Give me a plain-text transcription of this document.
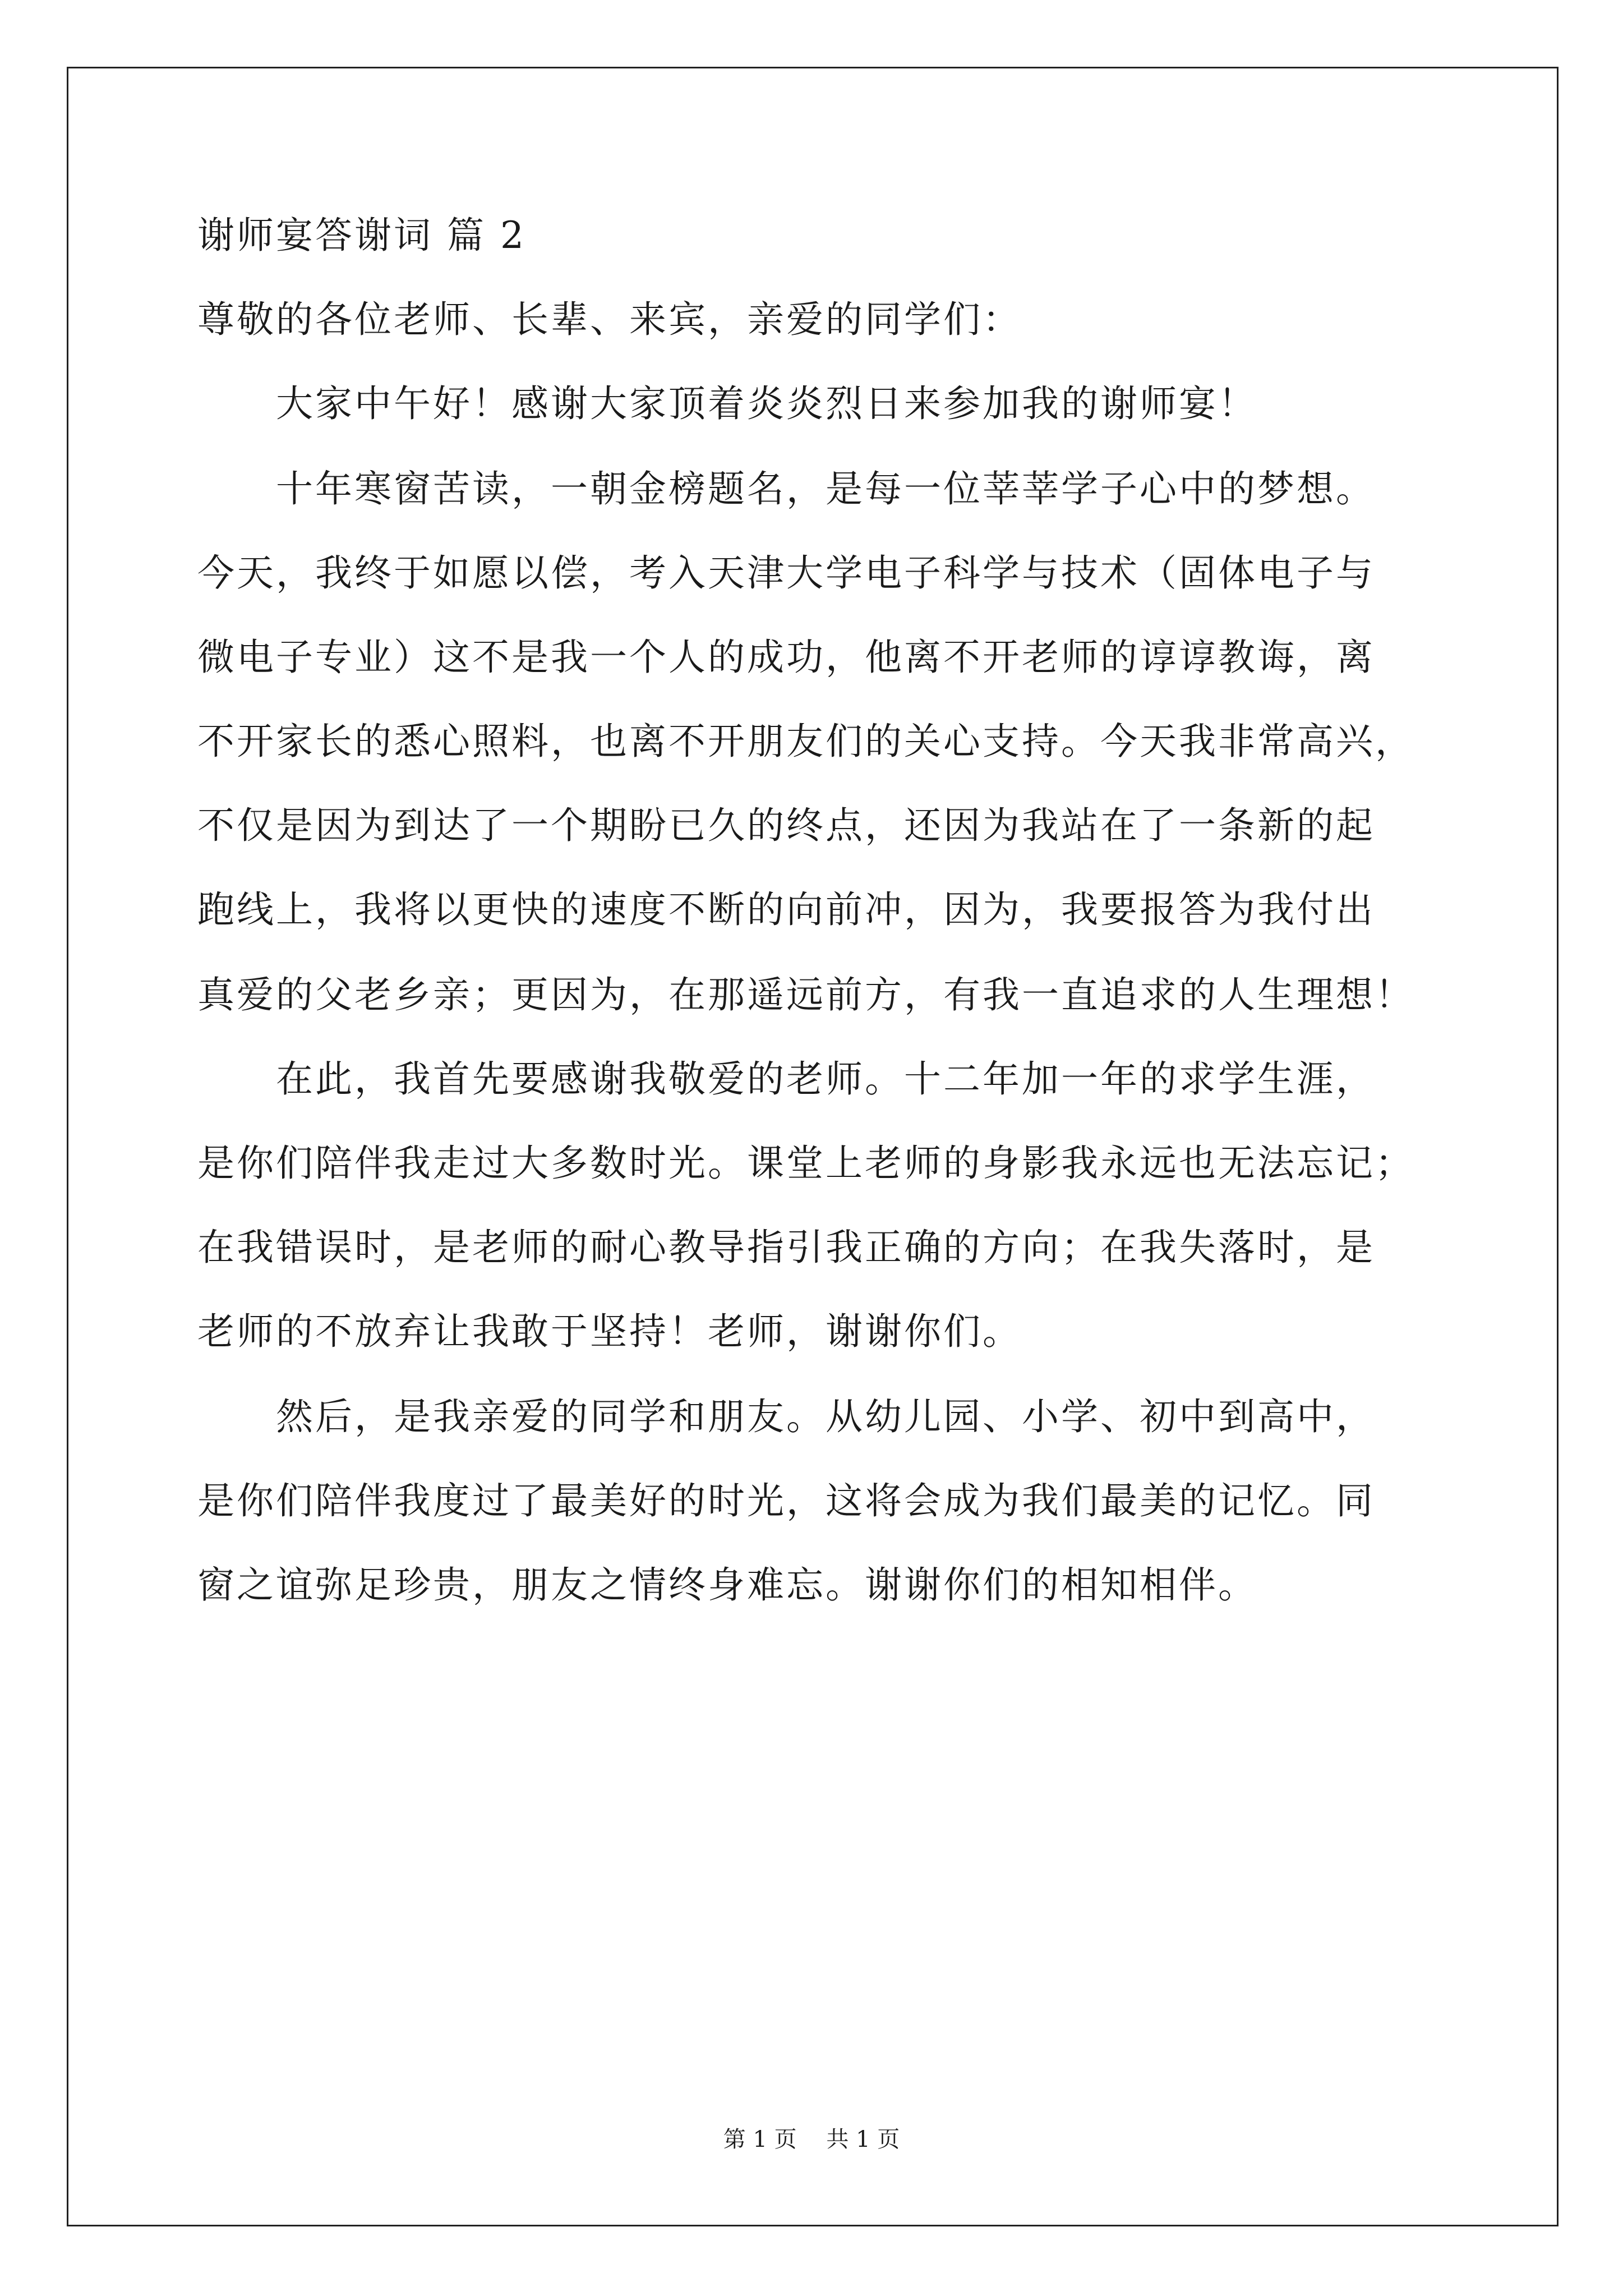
谢师宴答谢词 篇 2

尊敬的各位老师、长辈、来宾，亲爱的同学们：

　　大家中午好！感谢大家顶着炎炎烈日来参加我的谢师宴！

　　十年寒窗苦读，一朝金榜题名，是每一位莘莘学子心中的梦想。

今天，我终于如愿以偿，考入天津大学电子科学与技术（固体电子与

微电子专业）这不是我一个人的成功，他离不开老师的谆谆教诲，离

不开家长的悉心照料，也离不开朋友们的关心支持。今天我非常高兴，

不仅是因为到达了一个期盼已久的终点，还因为我站在了一条新的起

跑线上，我将以更快的速度不断的向前冲，因为，我要报答为我付出

真爱的父老乡亲；更因为，在那遥远前方，有我一直追求的人生理想！

　　在此，我首先要感谢我敬爱的老师。十二年加一年的求学生涯，

是你们陪伴我走过大多数时光。课堂上老师的身影我永远也无法忘记；

在我错误时，是老师的耐心教导指引我正确的方向；在我失落时，是

老师的不放弃让我敢于坚持！老师，谢谢你们。

　　然后，是我亲爱的同学和朋友。从幼儿园、小学、初中到高中，

是你们陪伴我度过了最美好的时光，这将会成为我们最美的记忆。同

窗之谊弥足珍贵，朋友之情终身难忘。谢谢你们的相知相伴。

第 1 页 共 1 页
